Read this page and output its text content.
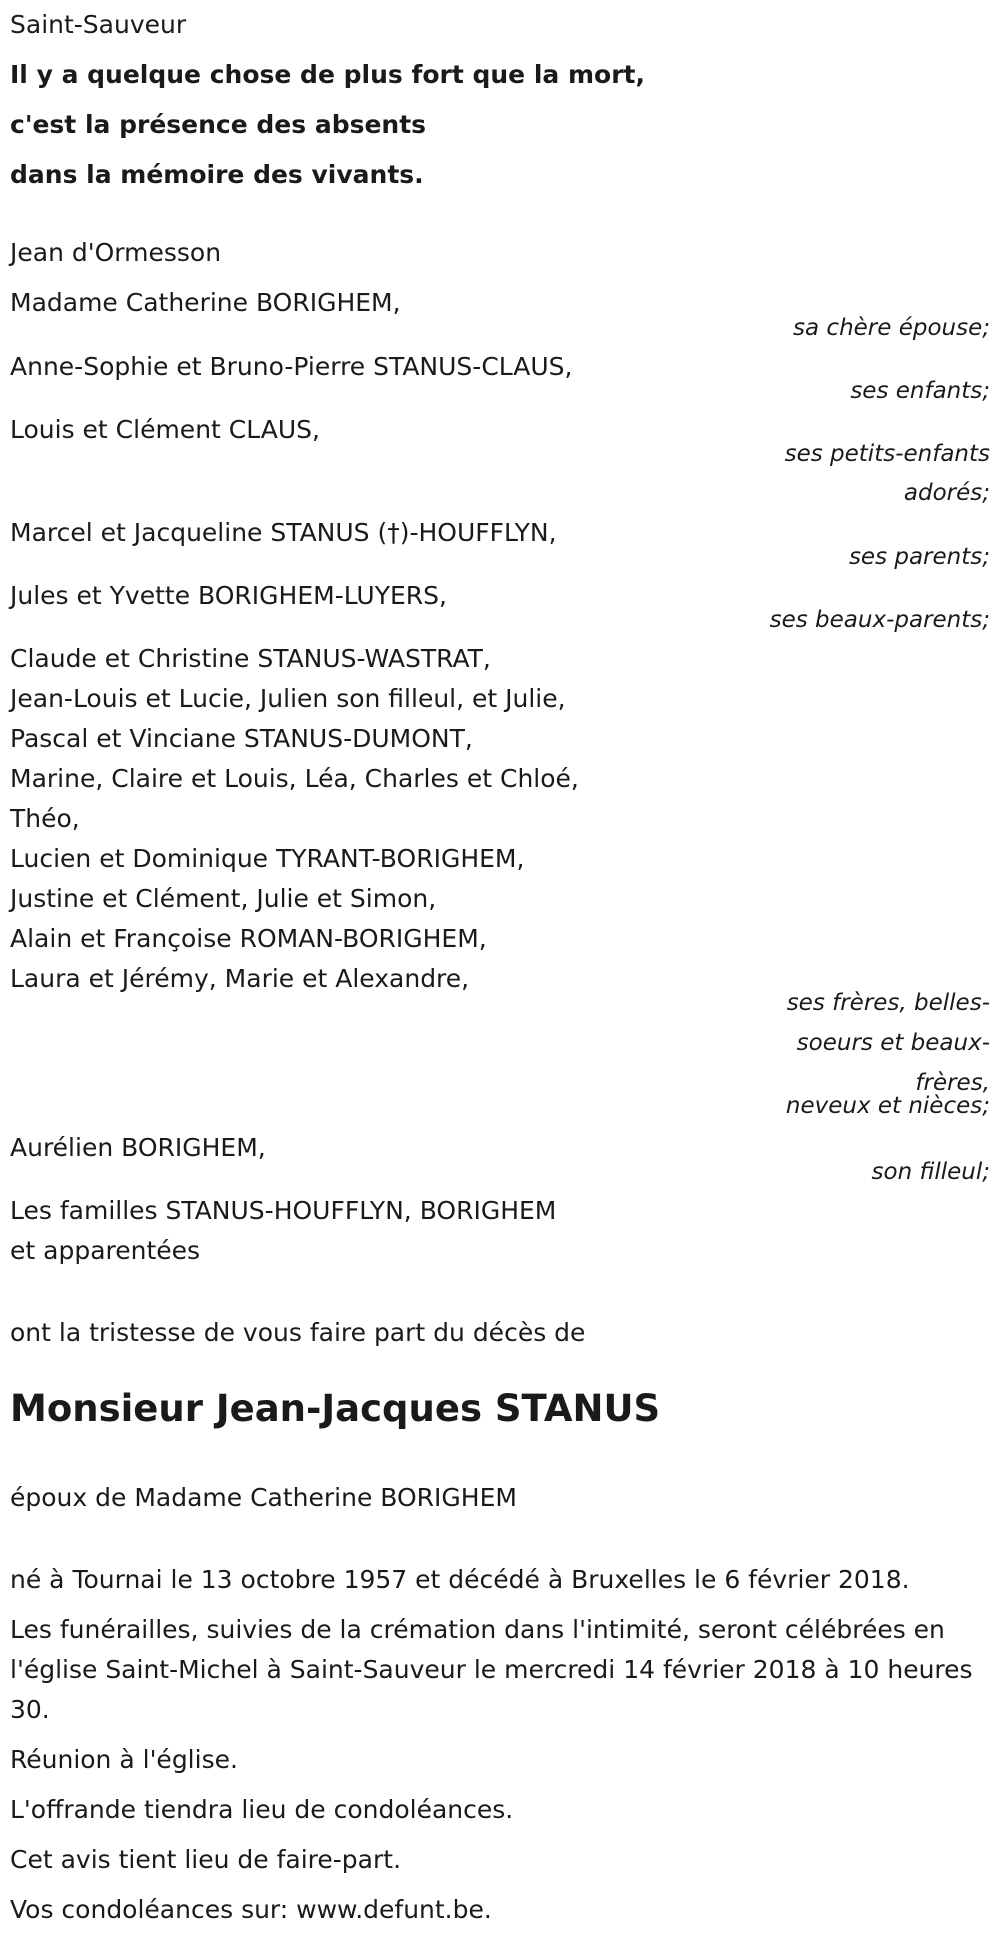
Saint-Sauveur
Il y a quelque chose de plus fort que la mort,
c'est la présence des absents
dans la mémoire des vivants.
Jean d'Ormesson
Madame Catherine BORIGHEM,
sa chère épouse;
Anne-Sophie et Bruno-Pierre STANUS-CLAUS,
ses enfants;
Louis et Clément CLAUS,
ses petits-enfants
adorés;
Marcel et Jacqueline STANUS (†)-HOUFFLYN,
ses parents;
Jules et Yvette BORIGHEM-LUYERS,
ses beaux-parents;
Claude et Christine STANUS-WASTRAT,
Jean-Louis et Lucie, Julien son filleul, et Julie,
Pascal et Vinciane STANUS-DUMONT,
Marine, Claire et Louis, Léa, Charles et Chloé,
Théo,
Lucien et Dominique TYRANT-BORIGHEM,
Justine et Clément, Julie et Simon,
Alain et Françoise ROMAN-BORIGHEM,
Laura et Jérémy, Marie et Alexandre,
ses frères, belles-
soeurs et beaux-
frères,
neveux et nièces;
Aurélien BORIGHEM,
son filleul;
Les familles STANUS-HOUFFLYN, BORIGHEM
et apparentées
ont la tristesse de vous faire part du décès de
Monsieur Jean-Jacques STANUS
époux de Madame Catherine BORIGHEM
né à Tournai le 13 octobre 1957 et décédé à Bruxelles le 6 février 2018.
Les funérailles, suivies de la crémation dans l'intimité, seront célébrées en l'église Saint-Michel à Saint-Sauveur le mercredi 14 février 2018 à 10 heures 30.
Réunion à l'église.
L'offrande tiendra lieu de condoléances.
Cet avis tient lieu de faire-part.
Vos condoléances sur: www.defunt.be.
